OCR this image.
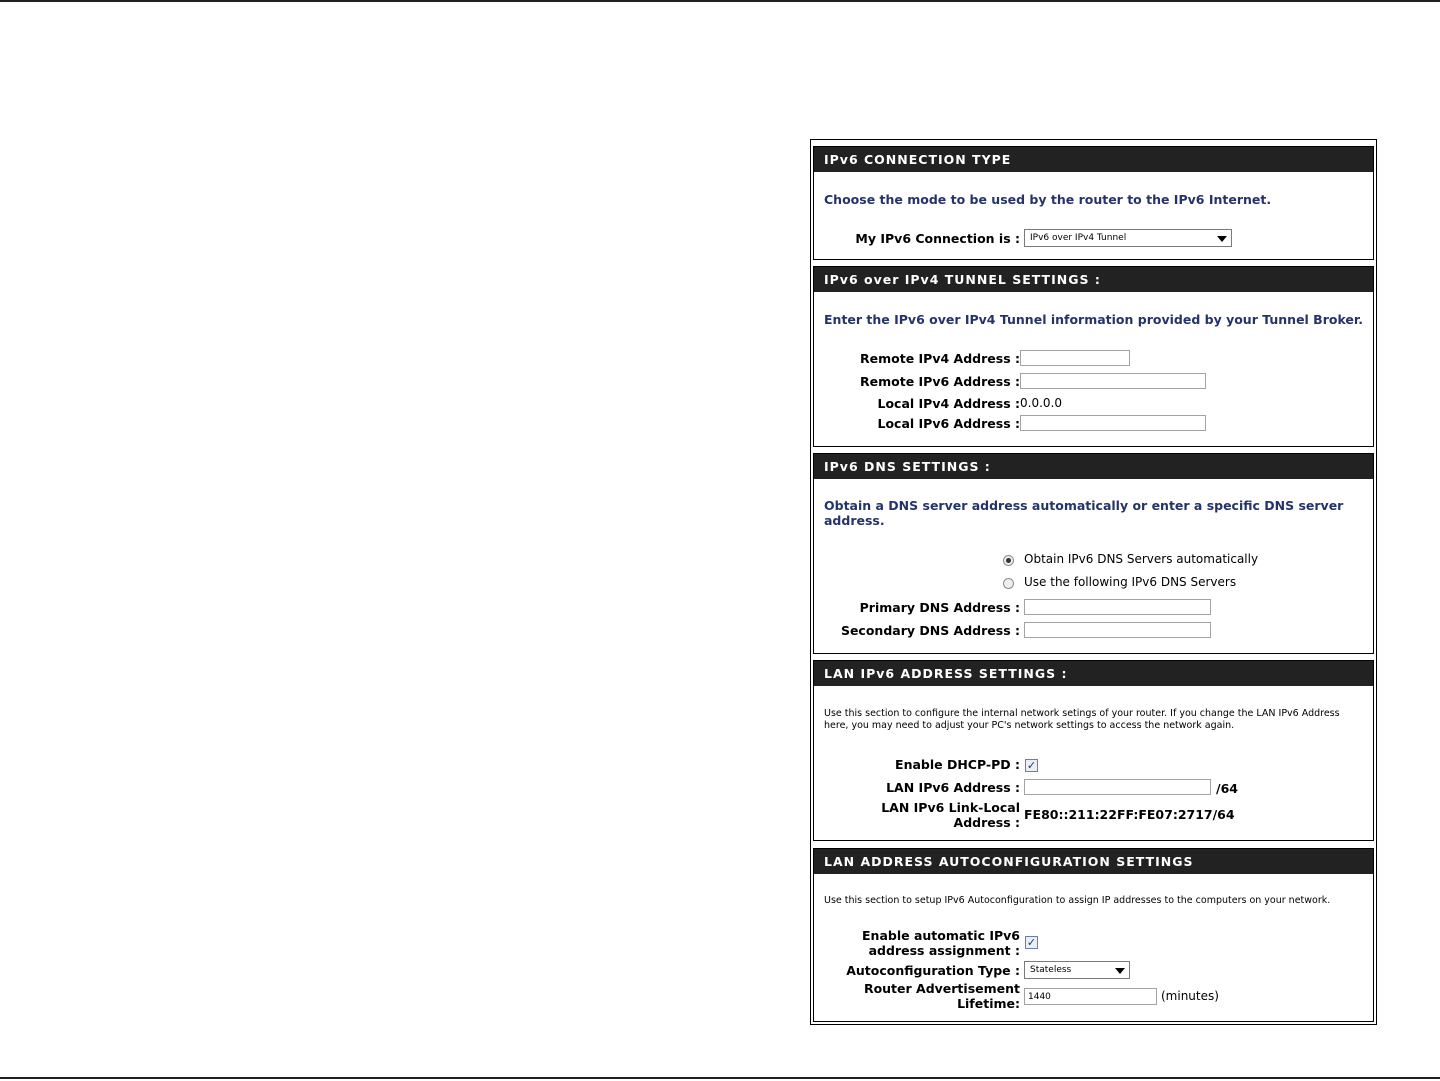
IPv6 CONNECTION TYPE
Choose the mode to be used by the router to the IPv6 Internet.
My IPv6 Connection is :	IPv6 over IPv4 Tunnel
IPv6 over IPv4 TUNNEL SETTINGS :
Enter the IPv6 over IPv4 Tunnel information provided by your Tunnel Broker.
Remote IPv4 Address :
Remote IPv6 Address :
Local IPv4 Address : 0.0.0.0
Local IPv6 Address :
IPv6 DNS SETTINGS :
Obtain a DNS server address automatically or enter a specific DNS server
address.
Obtain IPv6 DNS Servers automatically
Use the following IPv6 DNS Servers
Primary DNS Address :
Secondary DNS Address :
LAN IPv6 ADDRESS SETTINGS :
Use this section to configure the internal network setings of your router. If you change the LAN IPv6 Address
here, you may need to adjust your PC's network settings to access the network again.
Enable DHCP-PD : ✓
LAN IPv6 Address :	/64
LAN IPv6 Link-Local
Address :
FE80::211:22FF:FE07:2717/64
LAN ADDRESS AUTOCONFIGURATION SETTINGS
Use this section to setup IPv6 Autoconfiguration to assign IP addresses to the computers on your network.
Enable automatic IPv6
address assignment :
✓
Autoconfiguration Type :	Stateless
Router Advertisement
Lifetime:
1440	(minutes)
